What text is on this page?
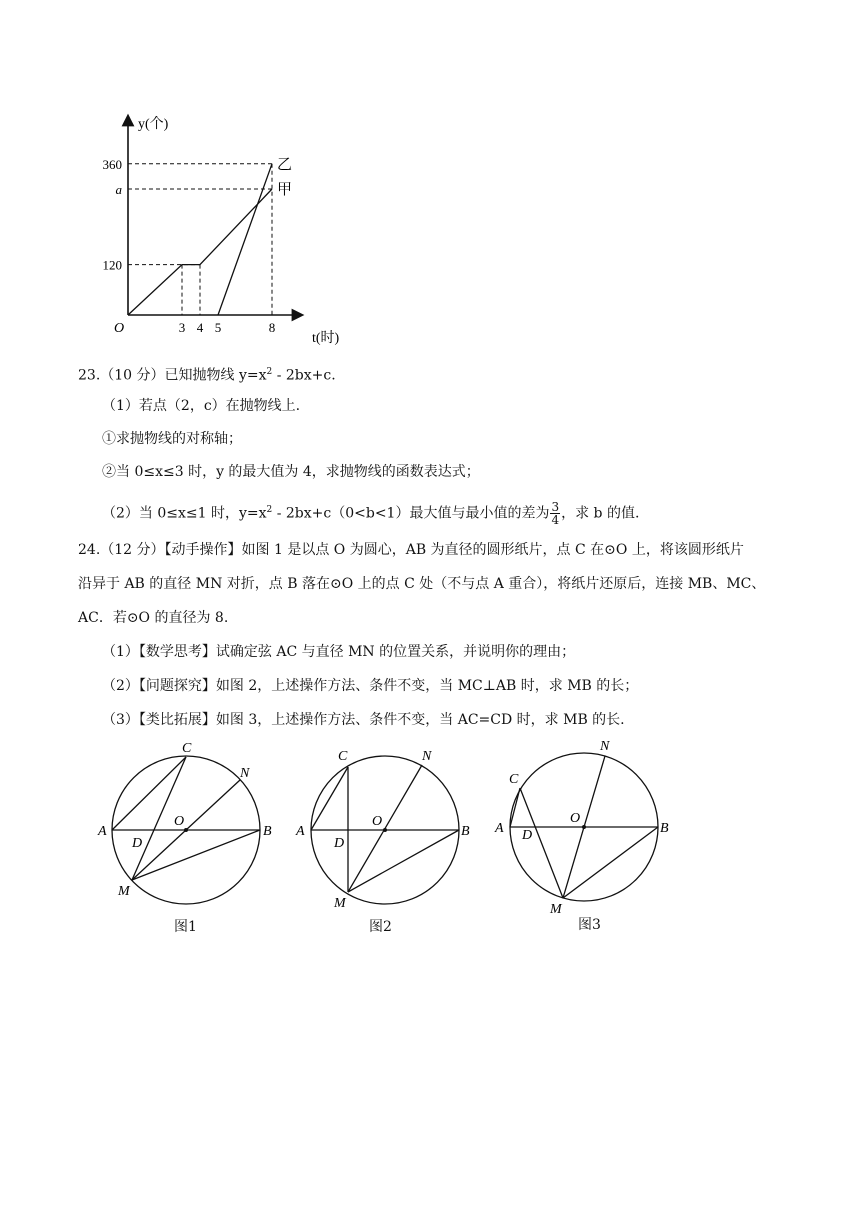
甲
乙
360
a
120
3 4 5	8
O
y(个)
t(时)
23.（10 分）已知抛物线 $y=x^2 - 2bx+c$.
（1）若点（2，c）在抛物线上.
①求抛物线的对称轴；
②当 0≤x≤3 时，y 的最大值为 4，求抛物线的函数表达式；
（2）当 0≤x≤1 时，$y=x^2 - 2bx+c(0<b<1)$最大值与最小值的差为 $\frac{3}{4}$ ，求 b 的值.
24.（12 分）【动手操作】如图 1 是以点 O 为圆心，AB 为直径的圆形纸片，点 C 在⊙O 上，将该圆形纸片
沿异于 AB 的直径 MN 对折，点 B 落在⊙O 上的点 C 处（不与点 A 重合），将纸片还原后，连接 MB、MC、
AC．若⊙O 的直径为 8.
（1）【数学思考】试确定弦 AC 与直径 MN 的位置关系，并说明你的理由；
（2）【问题探究】如图 2，上述操作方法、条件不变，当 MC⊥AB 时，求 MB 的长；
（3）【类比拓展】如图 3，上述操作方法、条件不变，当 AC=CD 时，求 MB 的长.
A	B
C
D
O
M
N
A	B
C
D
O
M
N
A	B
C
D
O
M
N
图1	图2	图3
